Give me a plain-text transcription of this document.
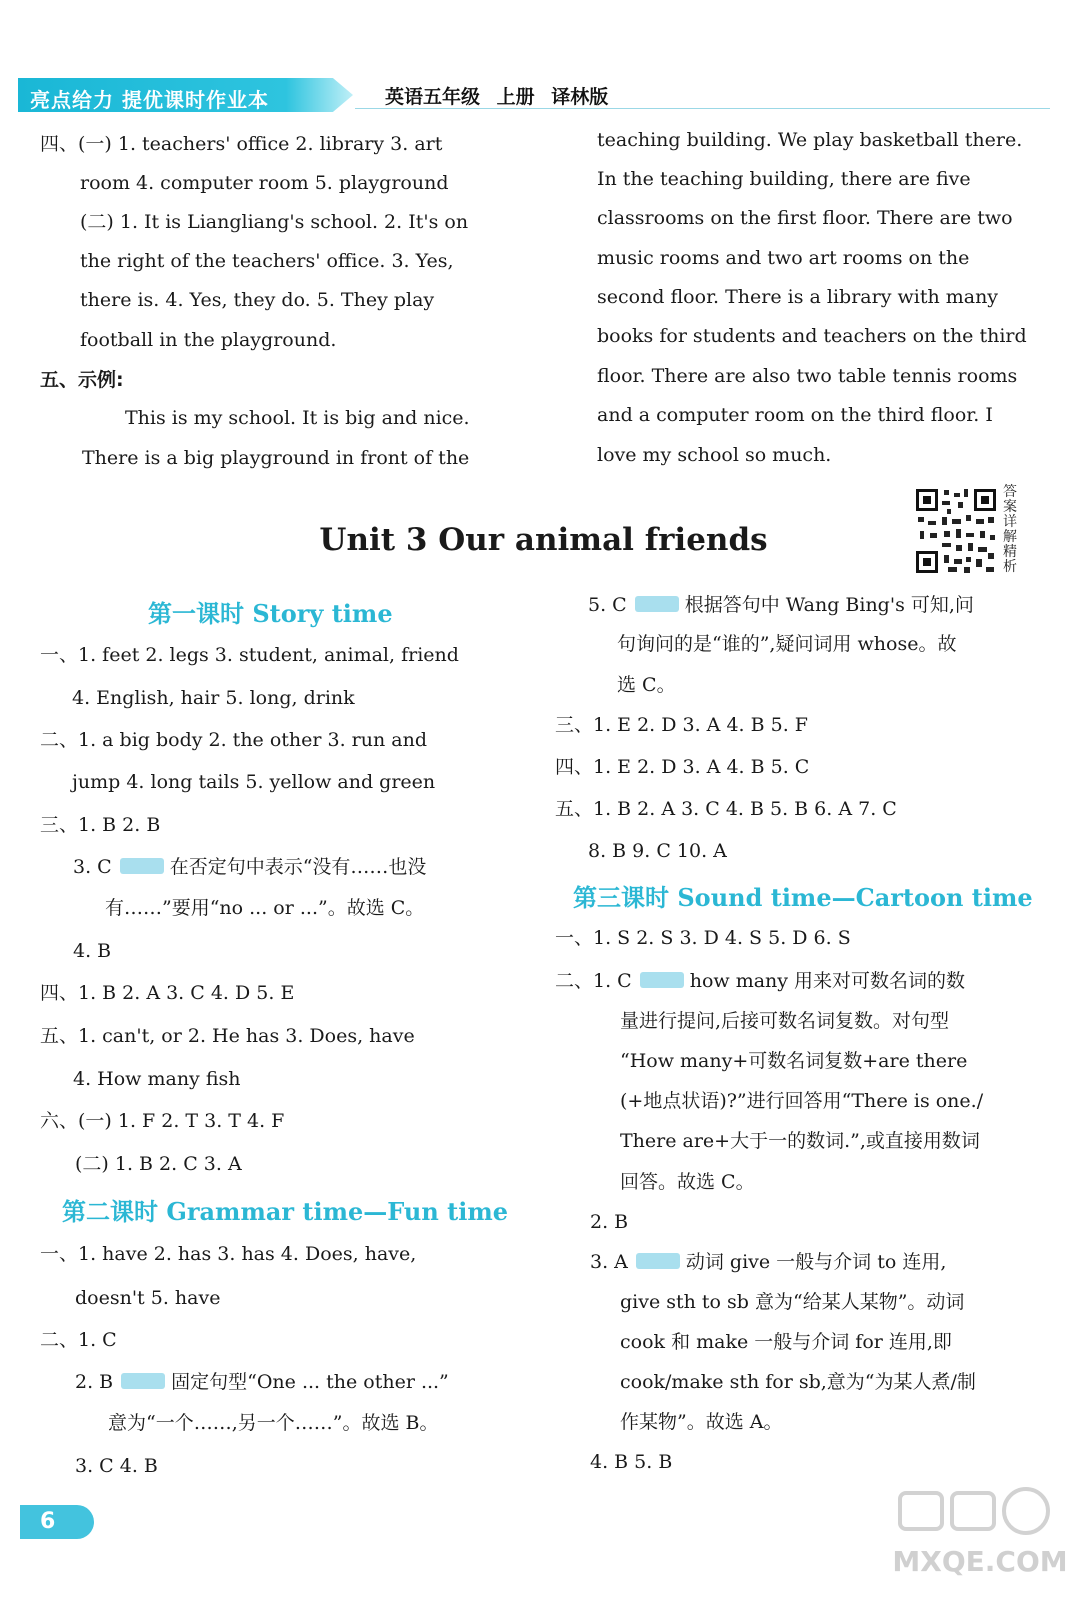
亮点给力 提优课时作业本	英语五年级 上册 译林版
四、(一) 1. teachers' office 2. library 3. art
room 4. computer room 5. playground
(二) 1. It is Liangliang's school. 2. It's on
the right of the teachers' office. 3. Yes,
there is. 4. Yes, they do. 5. They play
football in the playground.
五、示例:
This is my school. It is big and nice.
There is a big playground in front of the
teaching building. We play basketball there.
In the teaching building, there are five
classrooms on the first floor. There are two
music rooms and two art rooms on the
second floor. There is a library with many
books for students and teachers on the third
floor. There are also two table tennis rooms
and a computer room on the third floor. I
love my school so much.
答案详解精析
Unit 3 Our animal friends
第一课时 Story time
一、1. feet 2. legs 3. student, animal, friend
4. English, hair 5. long, drink
二、1. a big body 2. the other 3. run and
jump 4. long tails 5. yellow and green
三、1. B 2. B
3. C	在否定句中表示“没有……也没
有……”要用“no ... or ...”。故选 C。
4. B
四、1. B 2. A 3. C 4. D 5. E
五、1. can't, or 2. He has 3. Does, have
4. How many fish
六、(一) 1. F 2. T 3. T 4. F
(二) 1. B 2. C 3. A
第二课时 Grammar time—Fun time
一、1. have 2. has 3. has 4. Does, have,
doesn't 5. have
二、1. C
2. B	固定句型“One ... the other ...”
意为“一个……,另一个……”。故选 B。
3. C 4. B
5. C	根据答句中 Wang Bing's 可知,问
句询问的是“谁的”,疑问词用 whose。故
选 C。
三、1. E 2. D 3. A 4. B 5. F
四、1. E 2. D 3. A 4. B 5. C
五、1. B 2. A 3. C 4. B 5. B 6. A 7. C
8. B 9. C 10. A
第三课时 Sound time—Cartoon time
一、1. S 2. S 3. D 4. S 5. D 6. S
二、1. C	how many 用来对可数名词的数
量进行提问,后接可数名词复数。对句型
“How many+可数名词复数+are there
(+地点状语)?”进行回答用“There is one./
There are+大于一的数词.”,或直接用数词
回答。故选 C。
2. B
3. A	动词 give 一般与介词 to 连用,
give sth to sb 意为“给某人某物”。动词
cook 和 make 一般与介词 for 连用,即
cook/make sth for sb,意为“为某人煮/制
作某物”。故选 A。
4. B 5. B
6
MXQE.COM
